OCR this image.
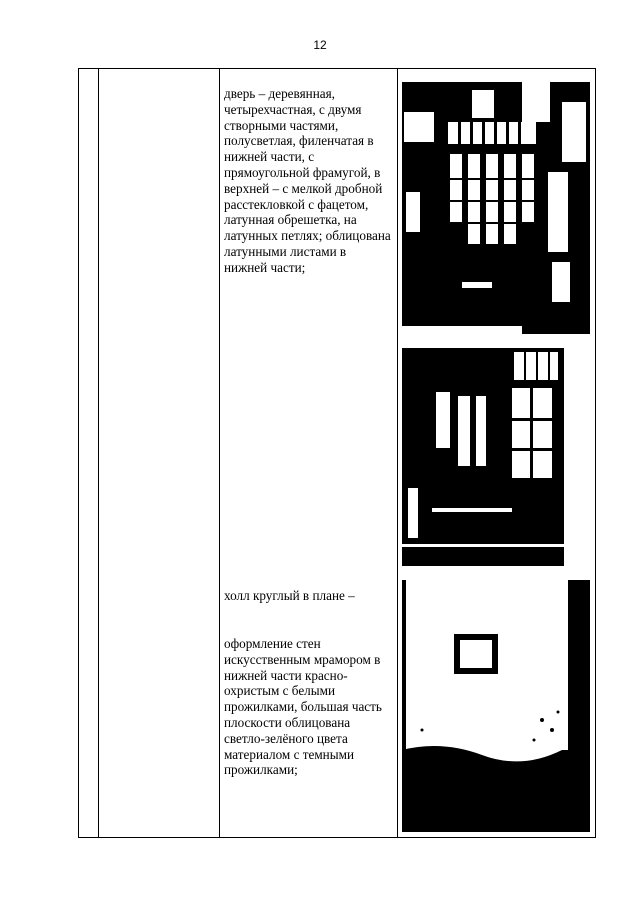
12

дверь – деревянная, четырехчастная, с двумя створными частями, полусветлая, филенчатая в нижней части, с прямоугольной фрамугой, в верхней – с мелкой дробной расстекловкой с фацетом, латунная обрешетка, на латунных петлях; облицована латунными листами в нижней части;

холл круглый в плане –

оформление стен искусственным мрамором в нижней части красно-охристым с белыми прожилками, большая часть плоскости облицована светло-зелёного цвета материалом с темными прожилками;
